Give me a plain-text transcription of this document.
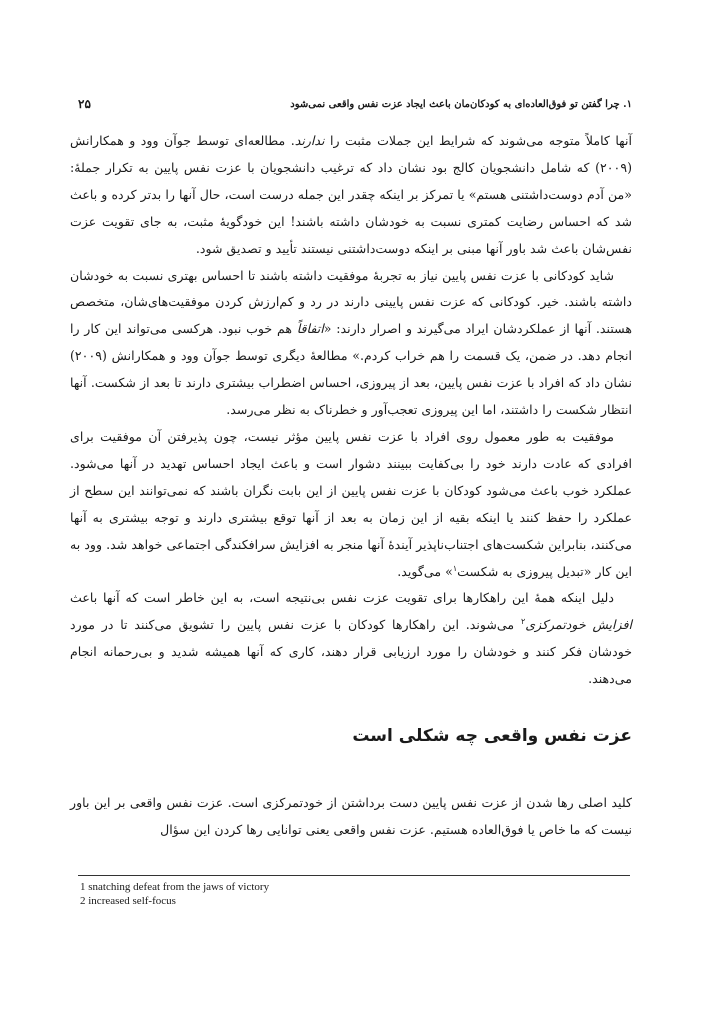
۱. چرا گفتن تو فوق‌العاده‌ای به کودکان‌مان باعث ایجاد عزت نفس واقعی نمی‌شود
۲۵

آنها کاملاً متوجه می‌شوند که شرایط این جملات مثبت را ندارند. مطالعه‌ای توسط جوآن وود و همکارانش (۲۰۰۹) که شامل دانشجویان کالج بود نشان داد که ترغیب دانشجویان با عزت نفس پایین به تکرار جملهٔ: «من آدم دوست‌داشتنی هستم» یا تمرکز بر اینکه چقدر این جمله درست است، حال آنها را بدتر کرده و باعث شد که احساس رضایت کمتری نسبت به خودشان داشته باشند! این خودگویهٔ مثبت، به جای تقویت عزت نفس‌شان باعث شد باور آنها مبنی بر اینکه دوست‌داشتنی نیستند تأیید و تصدیق شود.

شاید کودکانی با عزت نفس پایین نیاز به تجربهٔ موفقیت داشته باشند تا احساس بهتری نسبت به خودشان داشته باشند. خیر. کودکانی که عزت نفس پایینی دارند در رد و کم‌ارزش کردن موفقیت‌های‌شان، متخصص هستند. آنها از عملکردشان ایراد می‌گیرند و اصرار دارند: «اتفاقاً هم خوب نبود. هرکسی می‌تواند این کار را انجام دهد. در ضمن، یک قسمت را هم خراب کردم.» مطالعهٔ دیگری توسط جوآن وود و همکارانش (۲۰۰۹) نشان داد که افراد با عزت نفس پایین، بعد از پیروزی، احساس اضطراب بیشتری دارند تا بعد از شکست. آنها انتظار شکست را داشتند، اما این پیروزی تعجب‌آور و خطرناک به نظر می‌رسد.

موفقیت به طور معمول روی افراد با عزت نفس پایین مؤثر نیست، چون پذیرفتن آن موفقیت برای افرادی که عادت دارند خود را بی‌کفایت ببینند دشوار است و باعث ایجاد احساس تهدید در آنها می‌شود. عملکرد خوب باعث می‌شود کودکان با عزت نفس پایین از این بابت نگران باشند که نمی‌توانند این سطح از عملکرد را حفظ کنند یا اینکه بقیه از این زمان به بعد از آنها توقع بیشتری دارند و توجه بیشتری به آنها می‌کنند، بنابراین شکست‌های اجتناب‌ناپذیر آیندهٔ آنها منجر به افزایش سرافکندگی اجتماعی خواهد شد. وود به این کار «تبدیل پیروزی به شکست$^۱$» می‌گوید.

دلیل اینکه همهٔ این راهکارها برای تقویت عزت نفس بی‌نتیجه است، به این خاطر است که آنها باعث افزایش خودتمرکزی$^۲$ می‌شوند. این راهکارها کودکان با عزت نفس پایین را تشویق می‌کنند تا در مورد خودشان فکر کنند و خودشان را مورد ارزیابی قرار دهند، کاری که آنها همیشه شدید و بی‌رحمانه انجام می‌دهند.

عزت نفس واقعی چه شکلی است

کلید اصلی رها شدن از عزت نفس پایین دست برداشتن از خودتمرکزی است. عزت نفس واقعی بر این باور نیست که ما خاص یا فوق‌العاده هستیم. عزت نفس واقعی یعنی توانایی رها کردن این سؤال

1 snatching defeat from the jaws of victory
2 increased self-focus
